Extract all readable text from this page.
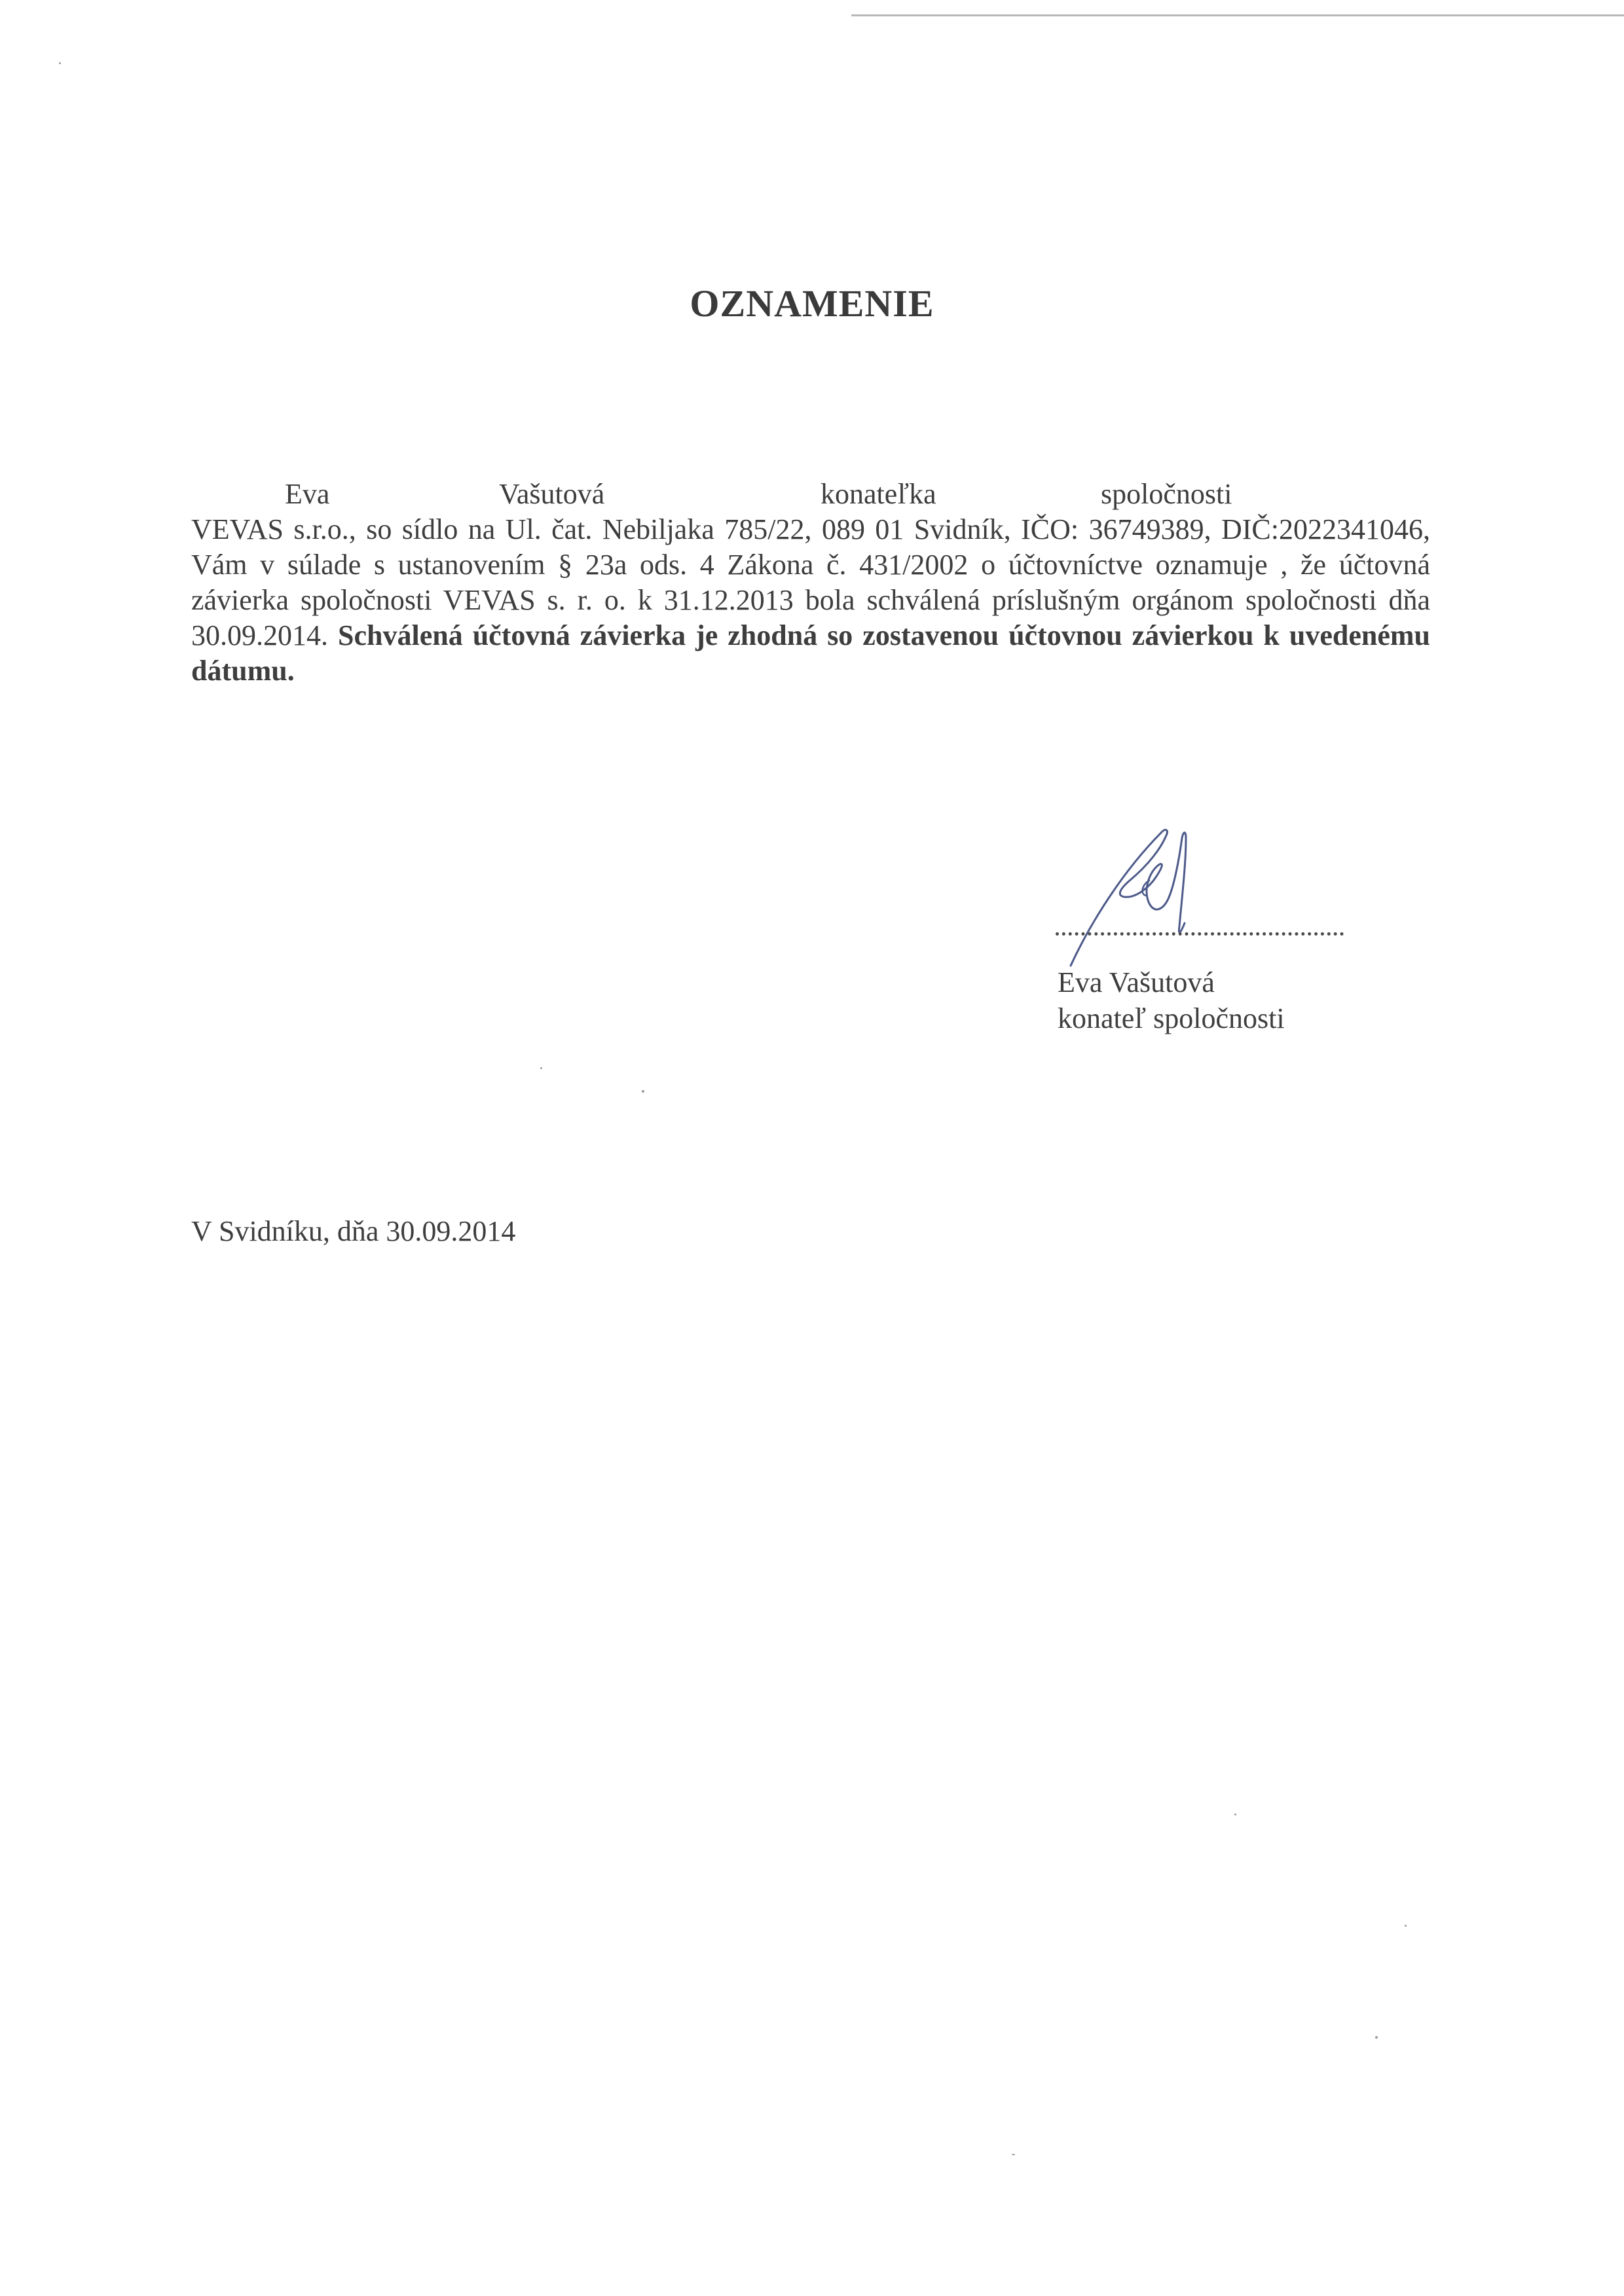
OZNAMENIE
Eva	Vašutová	konateľka	spoločnosti
VEVAS s.r.o., so sídlo na Ul. čat. Nebiljaka 785/22, 089 01 Svidník, IČO: 36749389, DIČ:2022341046, Vám v súlade s ustanovením § 23a ods. 4 Zákona č. 431/2002 o účtovníctve oznamuje , že účtovná závierka spoločnosti VEVAS s. r. o. k 31.12.2013 bola schválená príslušným orgánom spoločnosti dňa 30.09.2014. Schválená účtovná závierka je zhodná so zostavenou účtovnou závierkou k uvedenému dátumu.
Eva Vašutová
konateľ spoločnosti
V Svidníku, dňa 30.09.2014
